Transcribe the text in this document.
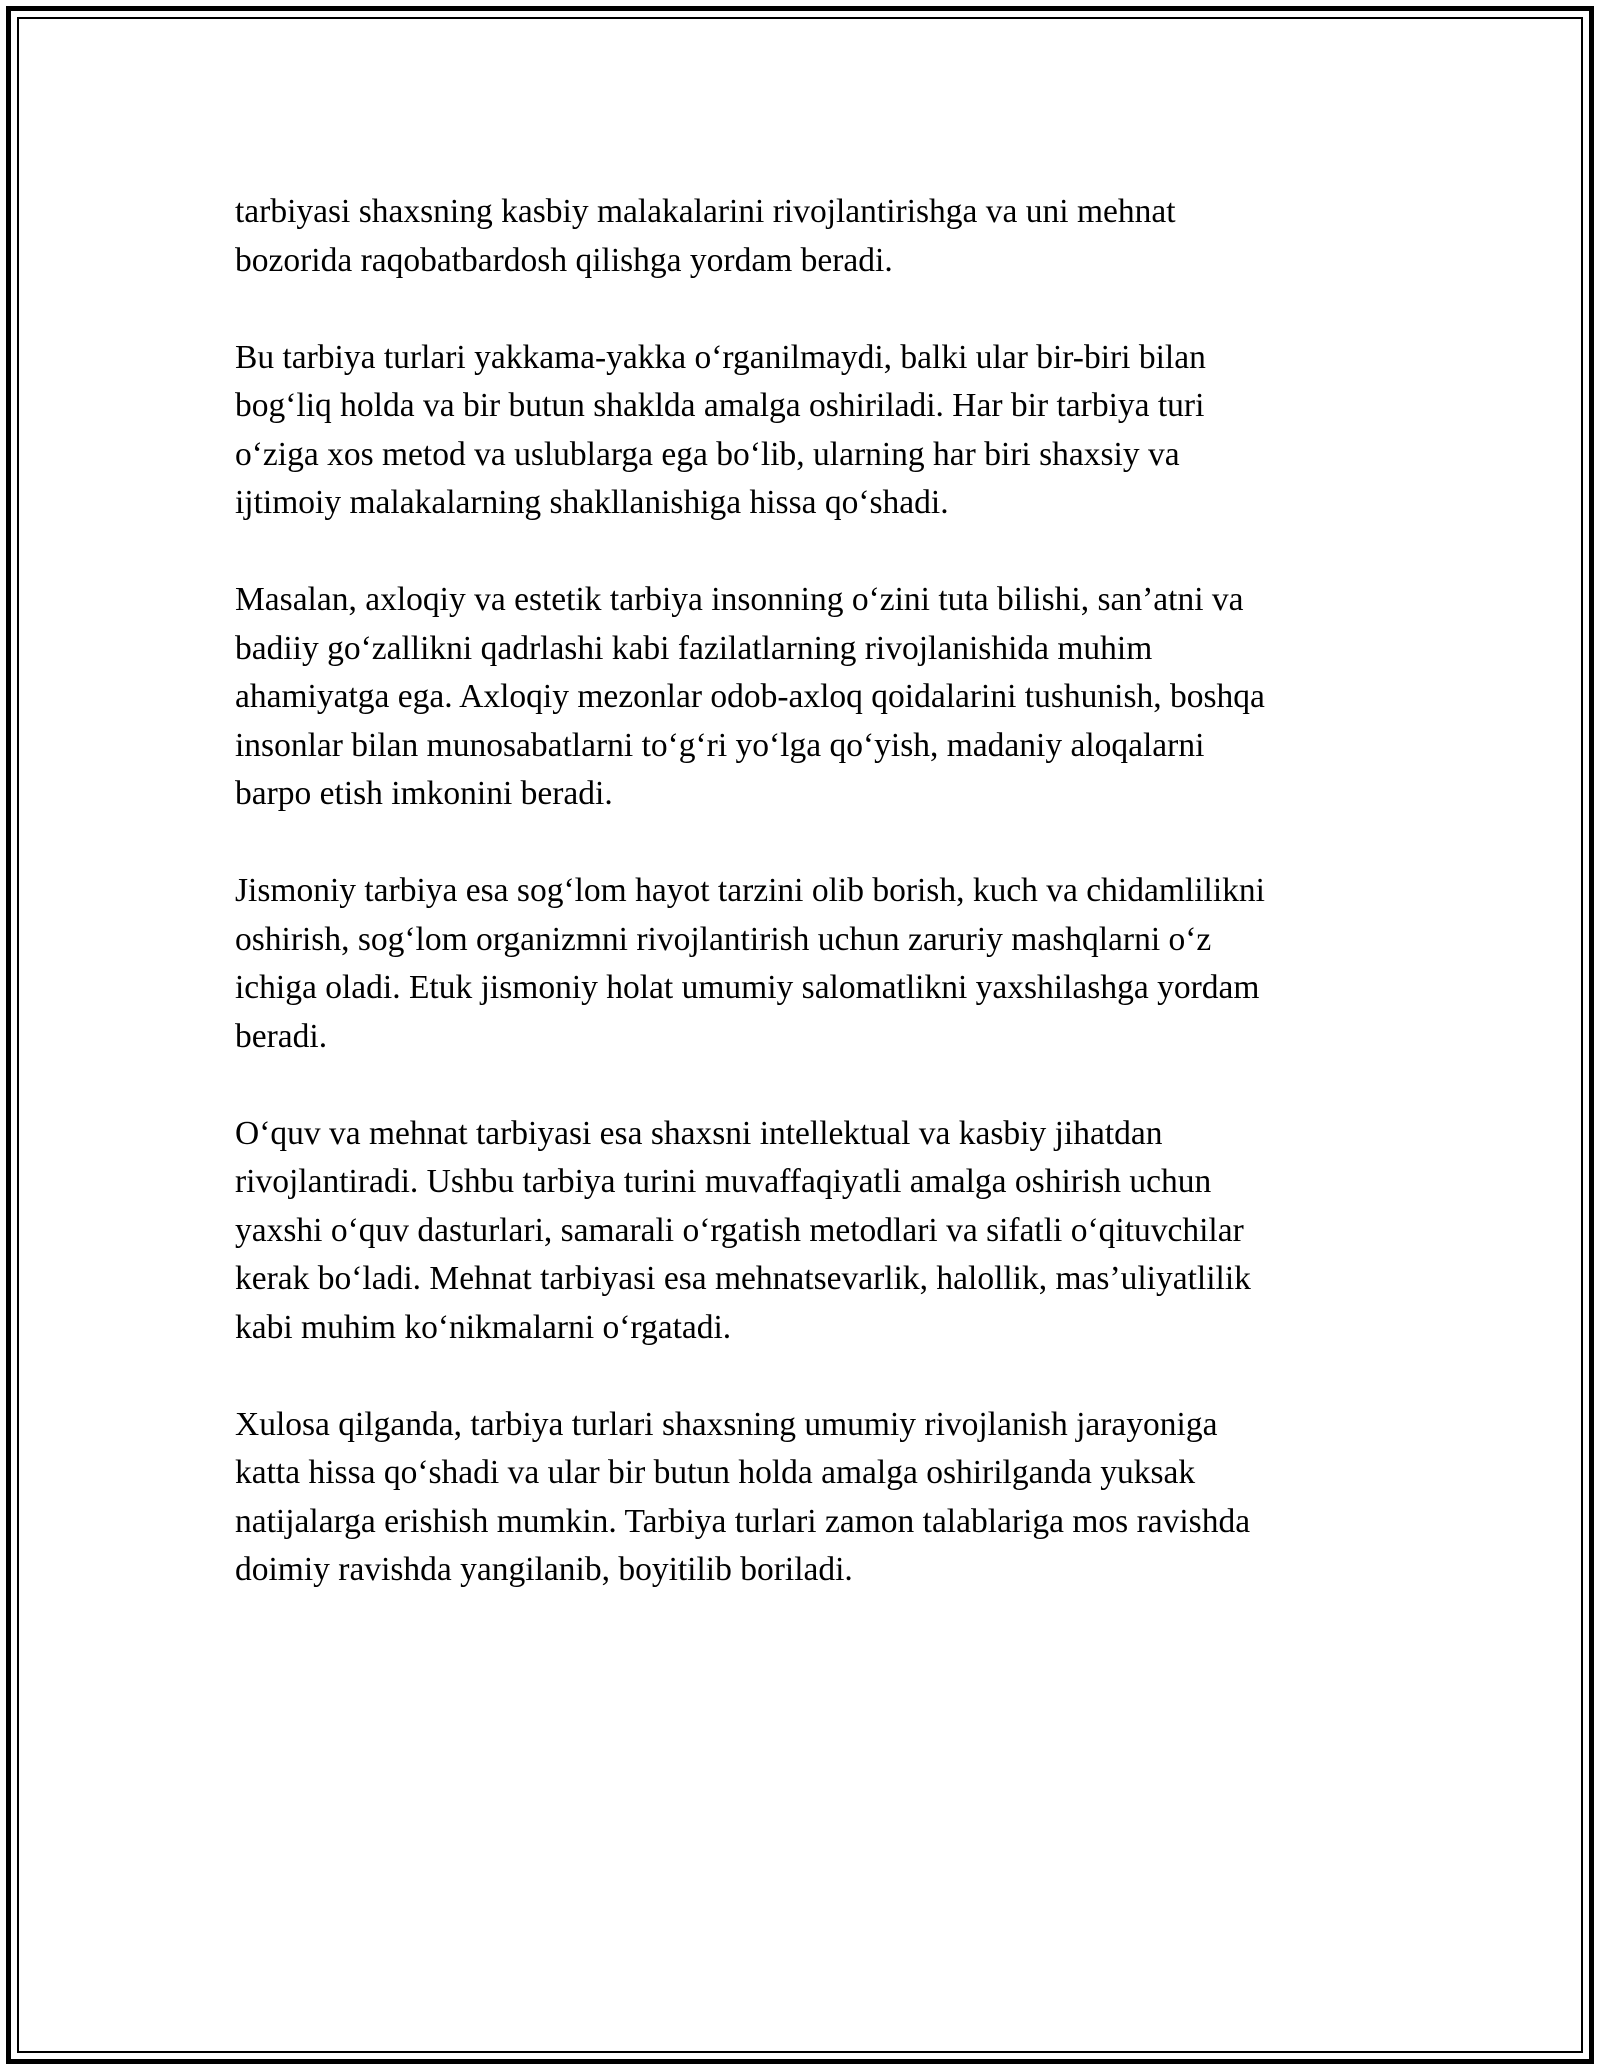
tarbiyasi shaxsning kasbiy malakalarini rivojlantirishga va uni mehnat
bozorida raqobatbardosh qilishga yordam beradi.

Bu tarbiya turlari yakkama-yakka o‘rganilmaydi, balki ular bir-biri bilan
bog‘liq holda va bir butun shaklda amalga oshiriladi. Har bir tarbiya turi
o‘ziga xos metod va uslublarga ega bo‘lib, ularning har biri shaxsiy va
ijtimoiy malakalarning shakllanishiga hissa qo‘shadi.

Masalan, axloqiy va estetik tarbiya insonning o‘zini tuta bilishi, san’atni va
badiiy go‘zallikni qadrlashi kabi fazilatlarning rivojlanishida muhim
ahamiyatga ega. Axloqiy mezonlar odob-axloq qoidalarini tushunish, boshqa
insonlar bilan munosabatlarni to‘g‘ri yo‘lga qo‘yish, madaniy aloqalarni
barpo etish imkonini beradi.

Jismoniy tarbiya esa sog‘lom hayot tarzini olib borish, kuch va chidamlilikni
oshirish, sog‘lom organizmni rivojlantirish uchun zaruriy mashqlarni o‘z
ichiga oladi. Etuk jismoniy holat umumiy salomatlikni yaxshilashga yordam
beradi.

O‘quv va mehnat tarbiyasi esa shaxsni intellektual va kasbiy jihatdan
rivojlantiradi. Ushbu tarbiya turini muvaffaqiyatli amalga oshirish uchun
yaxshi o‘quv dasturlari, samarali o‘rgatish metodlari va sifatli o‘qituvchilar
kerak bo‘ladi. Mehnat tarbiyasi esa mehnatsevarlik, halollik, mas’uliyatlilik
kabi muhim ko‘nikmalarni o‘rgatadi.

Xulosa qilganda, tarbiya turlari shaxsning umumiy rivojlanish jarayoniga
katta hissa qo‘shadi va ular bir butun holda amalga oshirilganda yuksak
natijalarga erishish mumkin. Tarbiya turlari zamon talablariga mos ravishda
doimiy ravishda yangilanib, boyitilib boriladi.
